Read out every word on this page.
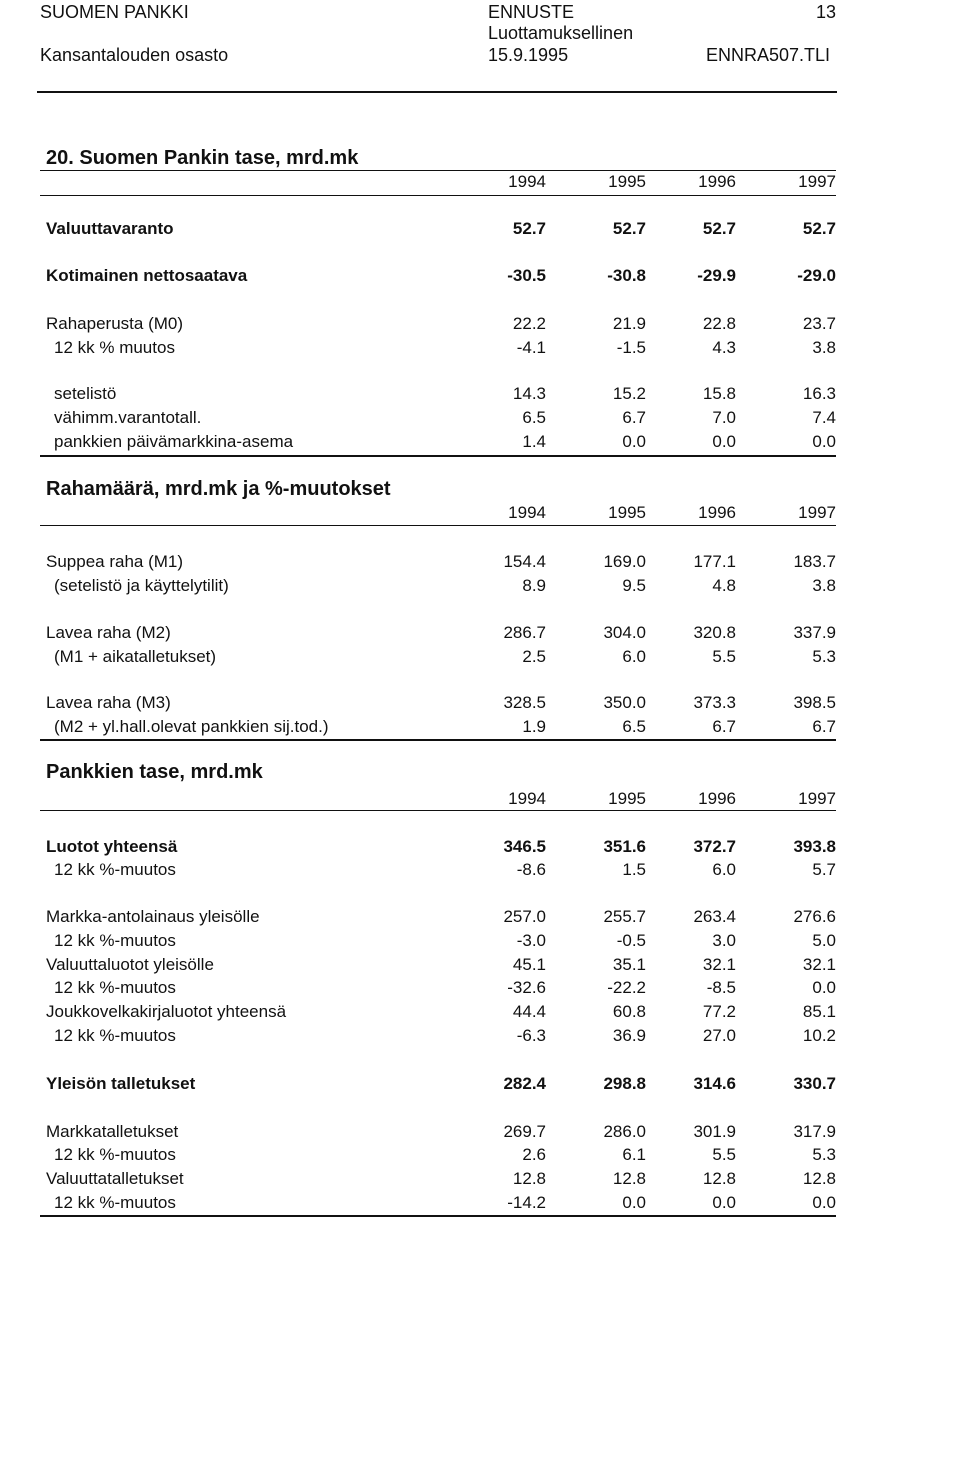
SUOMEN PANKKI
Kansantalouden osasto
ENNUSTE
Luottamuksellinen
15.9.1995
13
ENNRA507.TLI
20. Suomen Pankin tase, mrd.mk
1994	1995	1996	1997
Valuuttavaranto	52.7	52.7	52.7	52.7
Kotimainen nettosaatava	-30.5	-30.8	-29.9	-29.0
Rahaperusta (M0)	22.2	21.9	22.8	23.7
12 kk % muutos	-4.1	-1.5	4.3	3.8
setelistö	14.3	15.2	15.8	16.3
vähimm.varantotall.	6.5	6.7	7.0	7.4
pankkien päivämarkkina-asema	1.4	0.0	0.0	0.0
Rahamäärä, mrd.mk ja %-muutokset
1994	1995	1996	1997
Suppea raha (M1)	154.4	169.0	177.1	183.7
(setelistö ja käyttelytilit)	8.9	9.5	4.8	3.8
Lavea raha (M2)	286.7	304.0	320.8	337.9
(M1 + aikatalletukset)	2.5	6.0	5.5	5.3
Lavea raha (M3)	328.5	350.0	373.3	398.5
(M2 + yl.hall.olevat pankkien sij.tod.)	1.9	6.5	6.7	6.7
Pankkien tase, mrd.mk
1994	1995	1996	1997
Luotot yhteensä	346.5	351.6	372.7	393.8
12 kk %-muutos	-8.6	1.5	6.0	5.7
Markka-antolainaus yleisölle	257.0	255.7	263.4	276.6
12 kk %-muutos	-3.0	-0.5	3.0	5.0
Valuuttaluotot yleisölle	45.1	35.1	32.1	32.1
12 kk %-muutos	-32.6	-22.2	-8.5	0.0
Joukkovelkakirjaluotot yhteensä	44.4	60.8	77.2	85.1
12 kk %-muutos	-6.3	36.9	27.0	10.2
Yleisön talletukset	282.4	298.8	314.6	330.7
Markkatalletukset	269.7	286.0	301.9	317.9
12 kk %-muutos	2.6	6.1	5.5	5.3
Valuuttatalletukset	12.8	12.8	12.8	12.8
12 kk %-muutos	-14.2	0.0	0.0	0.0
